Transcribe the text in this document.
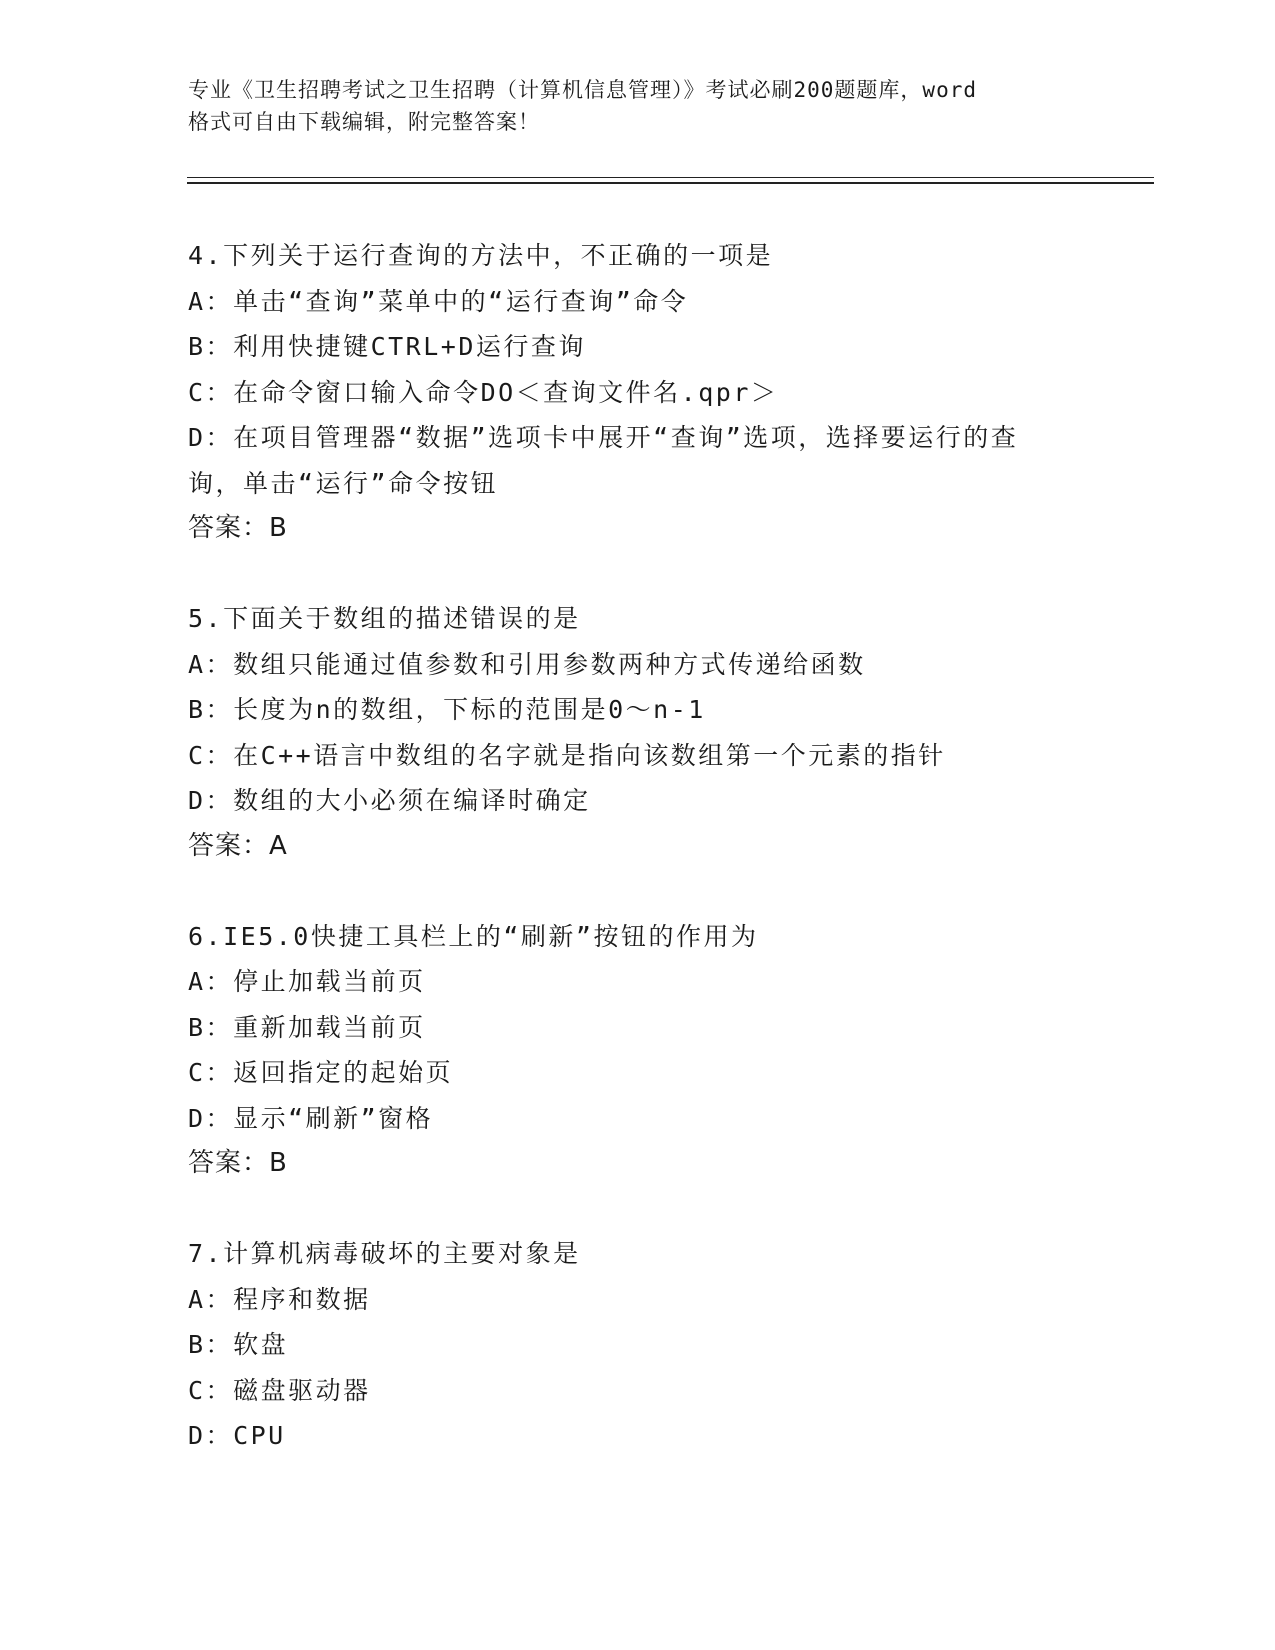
专业《卫生招聘考试之卫生招聘（计算机信息管理）》考试必刷200题题库，word

格式可自由下载编辑，附完整答案！

4.下列关于运行查询的方法中，不正确的一项是
A：单击“查询”菜单中的“运行查询”命令
B：利用快捷键CTRL+D运行查询
C：在命令窗口输入命令DO＜查询文件名.qpr＞
D：在项目管理器“数据”选项卡中展开“查询”选项，选择要运行的查询，单击“运行”命令按钮
答案：B
5.下面关于数组的描述错误的是
A：数组只能通过值参数和引用参数两种方式传递给函数
B：长度为n的数组，下标的范围是0～n-1
C：在C++语言中数组的名字就是指向该数组第一个元素的指针
D：数组的大小必须在编译时确定
答案：A
6.IE5.0快捷工具栏上的“刷新”按钮的作用为
A：停止加载当前页
B：重新加载当前页
C：返回指定的起始页
D：显示“刷新”窗格
答案：B
7.计算机病毒破坏的主要对象是
A：程序和数据
B：软盘
C：磁盘驱动器
D：CPU
